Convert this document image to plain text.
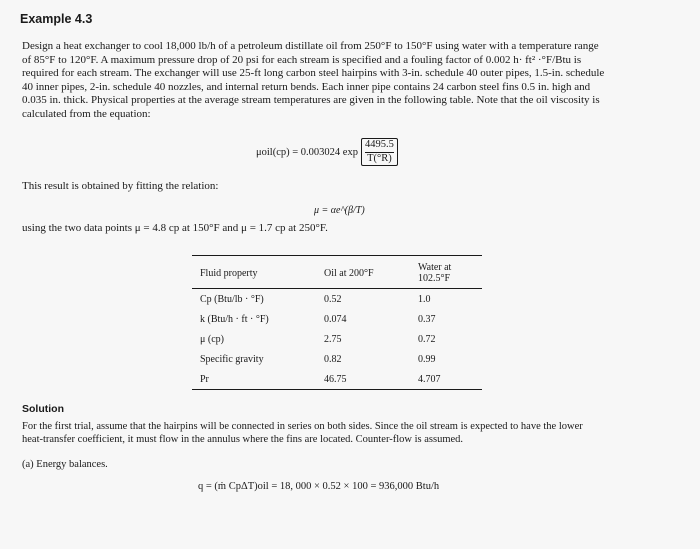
Example 4.3
Design a heat exchanger to cool 18,000 lb/h of a petroleum distillate oil from 250°F to 150°F using water with a temperature range
of 85°F to 120°F. A maximum pressure drop of 20 psi for each stream is specified and a fouling factor of 0.002 h· ft² ·°F/Btu is
required for each stream. The exchanger will use 25-ft long carbon steel hairpins with 3-in. schedule 40 outer pipes, 1.5-in. schedule
40 inner pipes, 2-in. schedule 40 nozzles, and internal return bends. Each inner pipe contains 24 carbon steel fins 0.5 in. high and
0.035 in. thick. Physical properties at the average stream temperatures are given in the following table. Note that the oil viscosity is
calculated from the equation:
μoil(cp) = 0.003024 $\exp \frac{4495.5}{T(^\circ R)}$
This result is obtained by fitting the relation:
μ = αe^(β/T)
using the two data points μ = 4.8 cp at 150°F and μ = 1.7 cp at 250°F.
Fluid property	Oil at 200°F	Water at 102.5°F
Cp (Btu/lb · °F)	0.52	1.0
k (Btu/h · ft · °F)	0.074	0.37
μ (cp)	2.75	0.72
Specific gravity	0.82	0.99
Pr	46.75	4.707
Solution
For the first trial, assume that the hairpins will be connected in series on both sides. Since the oil stream is expected to have the lower
heat-transfer coefficient, it must flow in the annulus where the fins are located. Counter-flow is assumed.
(a) Energy balances.
q = (ṁ CpΔT)oil = 18, 000 × 0.52 × 100 = 936,000 Btu/h
